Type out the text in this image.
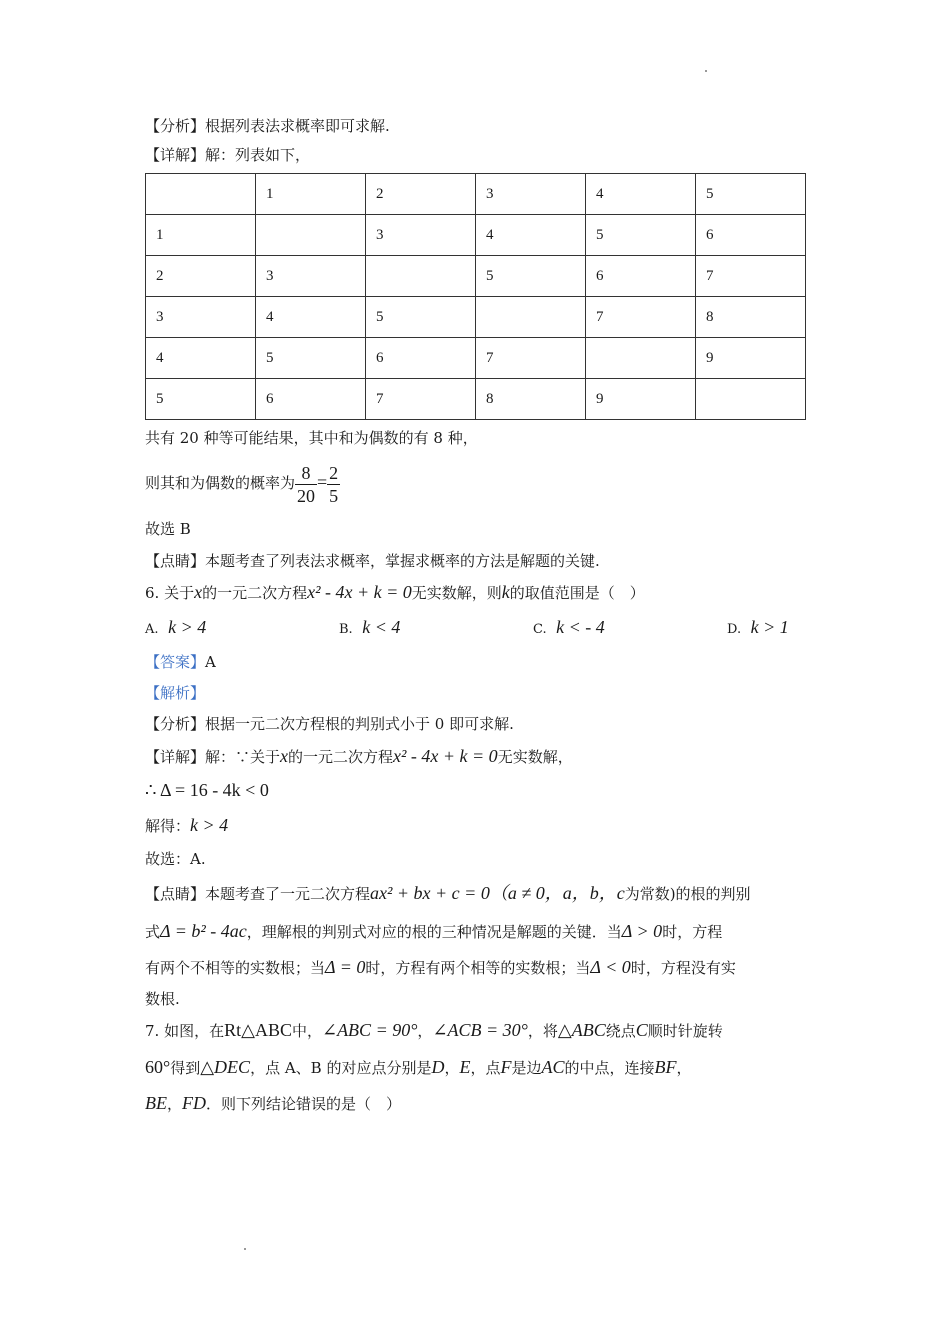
【分析】根据列表法求概率即可求解.
【详解】解：列表如下，
	1	2	3	4	5
1		3	4	5	6
2	3		5	6	7
3	4	5		7	8
4	5	6	7		9
5	6	7	8	9	
共有 20 种等可能结果，其中和为偶数的有 8 种，
则其和为偶数的概率为 $\frac{8}{20} = \frac{2}{5}$
故选 B
【点睛】本题考查了列表法求概率，掌握求概率的方法是解题的关键.
6. 关于x的一元二次方程x² - 4x + k = 0无实数解，则k的取值范围是（　）
A. k > 4	B. k < 4	C. k < - 4	D. k > 1
【答案】A
【解析】
【分析】根据一元二次方程根的判别式小于 0 即可求解.
【详解】解：∵关于x的一元二次方程x² - 4x + k = 0无实数解，
∴ Δ = 16 - 4k < 0
解得：k > 4
故选：A.
【点睛】本题考查了一元二次方程ax² + bx + c = 0（a ≠ 0，a，b，c为常数)的根的判别
式Δ = b² - 4ac，理解根的判别式对应的根的三种情况是解题的关键．当Δ > 0时，方程
有两个不相等的实数根；当Δ = 0时，方程有两个相等的实数根；当Δ < 0时，方程没有实
数根.
7. 如图，在Rt△ABC中，∠ABC = 90°，∠ACB = 30°，将△ABC绕点C顺时针旋转
60°得到△DEC，点 A、B 的对应点分别是D，E，点F是边AC的中点，连接BF，
BE，FD．则下列结论错误的是（　）
